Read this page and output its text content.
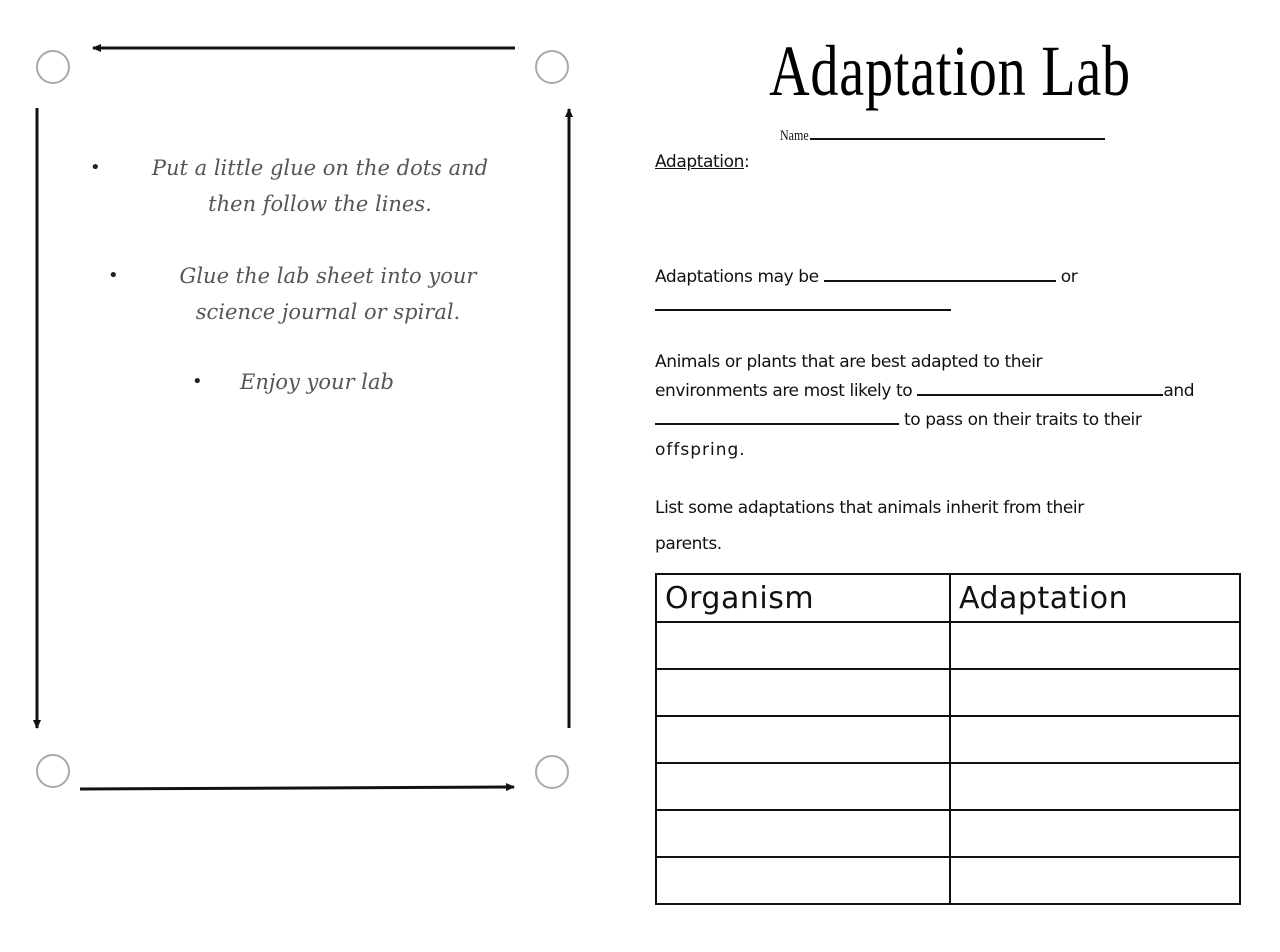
•	Put a little glue on the dots and
then follow the lines.
•	Glue the lab sheet into your
science journal or spiral.
•	Enjoy your lab
Adaptation Lab
Name
Adaptation:
Adaptations may be	or

Animals or plants that are best adapted to their
environments are most likely to	and
to pass on their traits to their
offspring.
List some adaptations that animals inherit from their
parents.
Organism	Adaptation
